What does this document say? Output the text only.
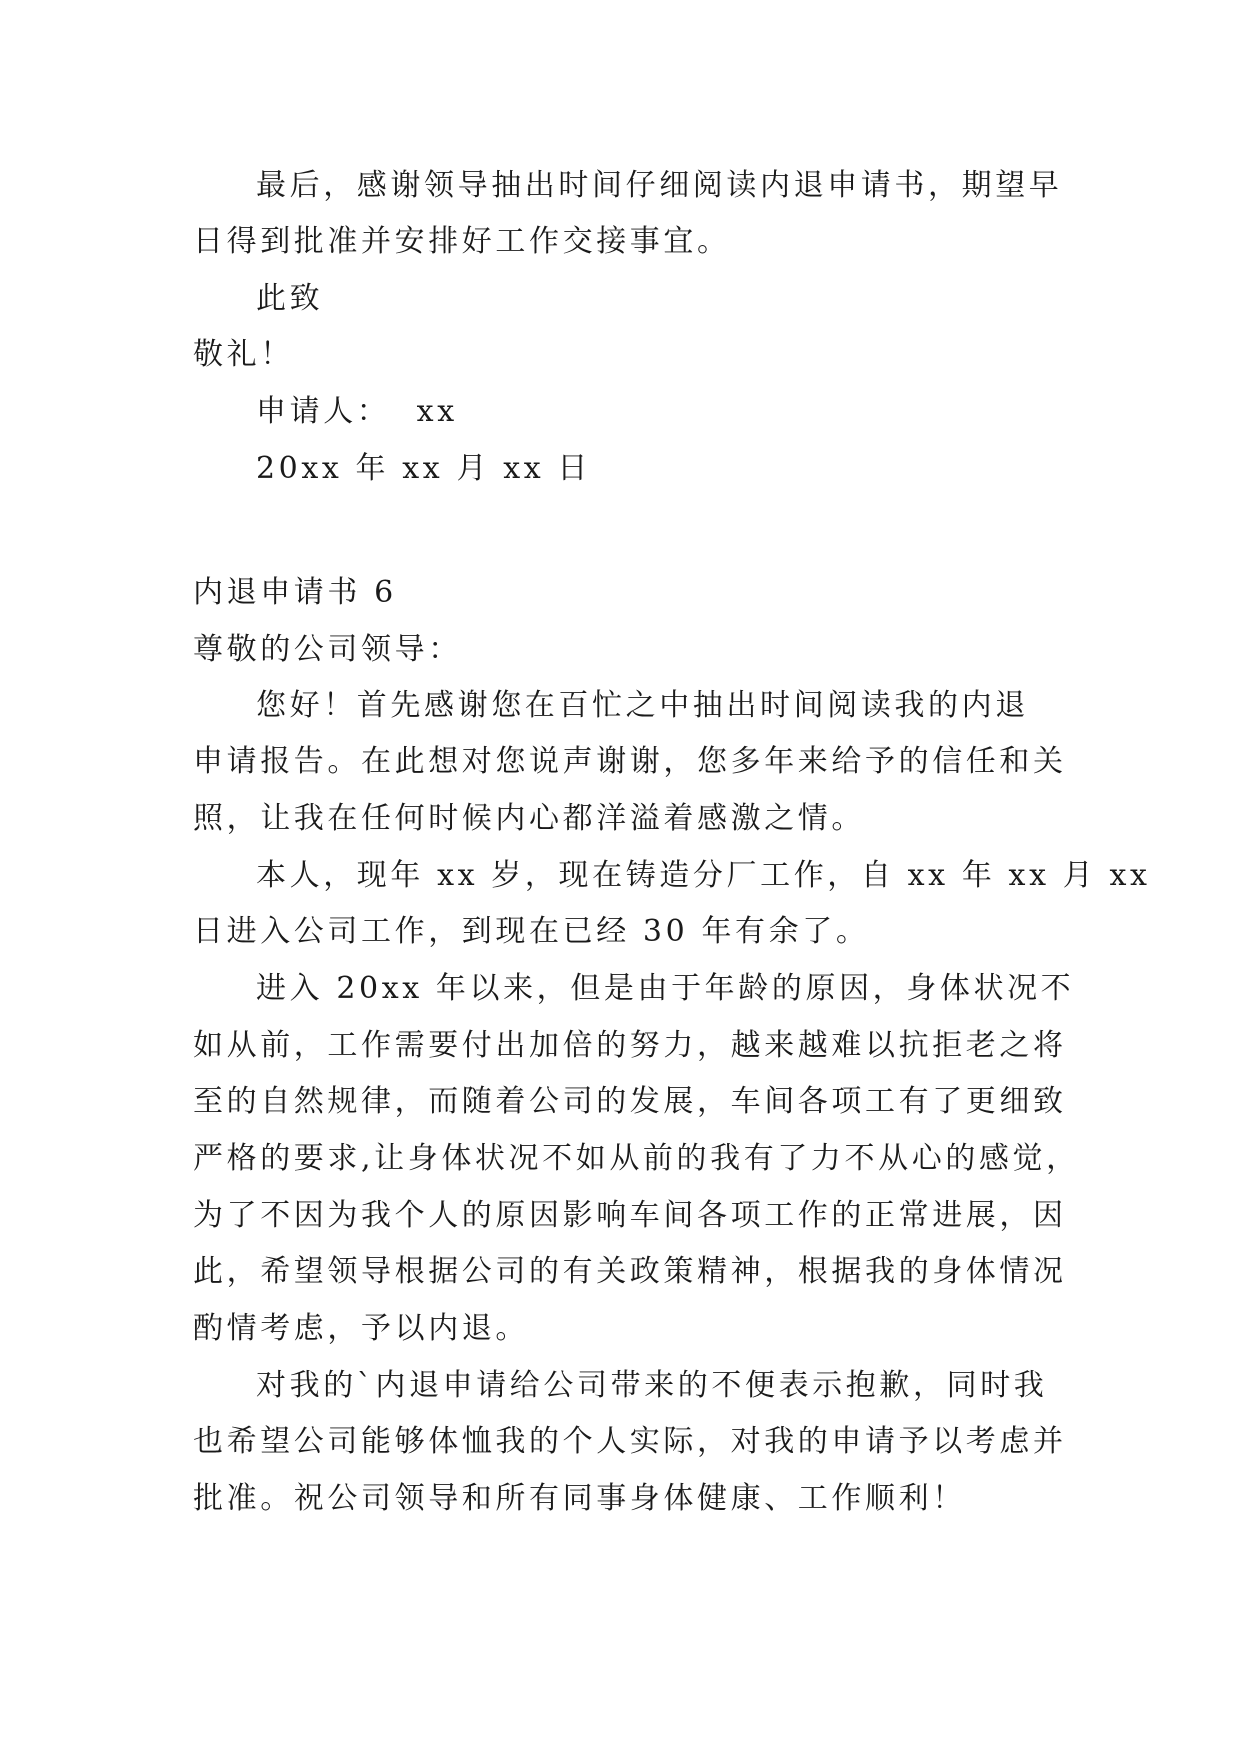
最后，感谢领导抽出时间仔细阅读内退申请书，期望早
日得到批准并安排好工作交接事宜。
此致
敬礼！
申请人：  xx
20xx 年 xx 月 xx 日
内退申请书 6
尊敬的公司领导：
您好！首先感谢您在百忙之中抽出时间阅读我的内退
申请报告。在此想对您说声谢谢，您多年来给予的信任和关
照，让我在任何时候内心都洋溢着感激之情。
本人，现年 xx 岁，现在铸造分厂工作，自 xx 年 xx 月 xx
日进入公司工作，到现在已经 30 年有余了。
进入 20xx 年以来，但是由于年龄的原因，身体状况不
如从前，工作需要付出加倍的努力，越来越难以抗拒老之将
至的自然规律，而随着公司的发展，车间各项工有了更细致
严格的要求,让身体状况不如从前的我有了力不从心的感觉，
为了不因为我个人的原因影响车间各项工作的正常进展，因
此，希望领导根据公司的有关政策精神，根据我的身体情况
酌情考虑，予以内退。
对我的`内退申请给公司带来的不便表示抱歉，同时我
也希望公司能够体恤我的个人实际，对我的申请予以考虑并
批准。祝公司领导和所有同事身体健康、工作顺利！
